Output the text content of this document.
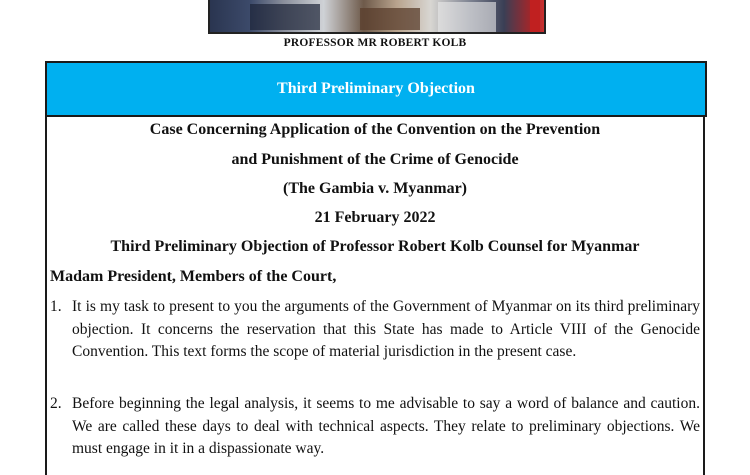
PROFESSOR MR ROBERT KOLB
Third Preliminary Objection
Case Concerning Application of the Convention on the Prevention
and Punishment of the Crime of Genocide
(The Gambia v. Myanmar)
21 February 2022
Third Preliminary Objection of Professor Robert Kolb Counsel for Myanmar
Madam President, Members of the Court,
1. It is my task to present to you the arguments of the Government of Myanmar on its third preliminary objection. It concerns the reservation that this State has made to Article VIII of the Genocide Convention. This text forms the scope of material jurisdiction in the present case.
2. Before beginning the legal analysis, it seems to me advisable to say a word of balance and caution. We are called these days to deal with technical aspects. They relate to preliminary objections. We must engage in it in a dispassionate way.
